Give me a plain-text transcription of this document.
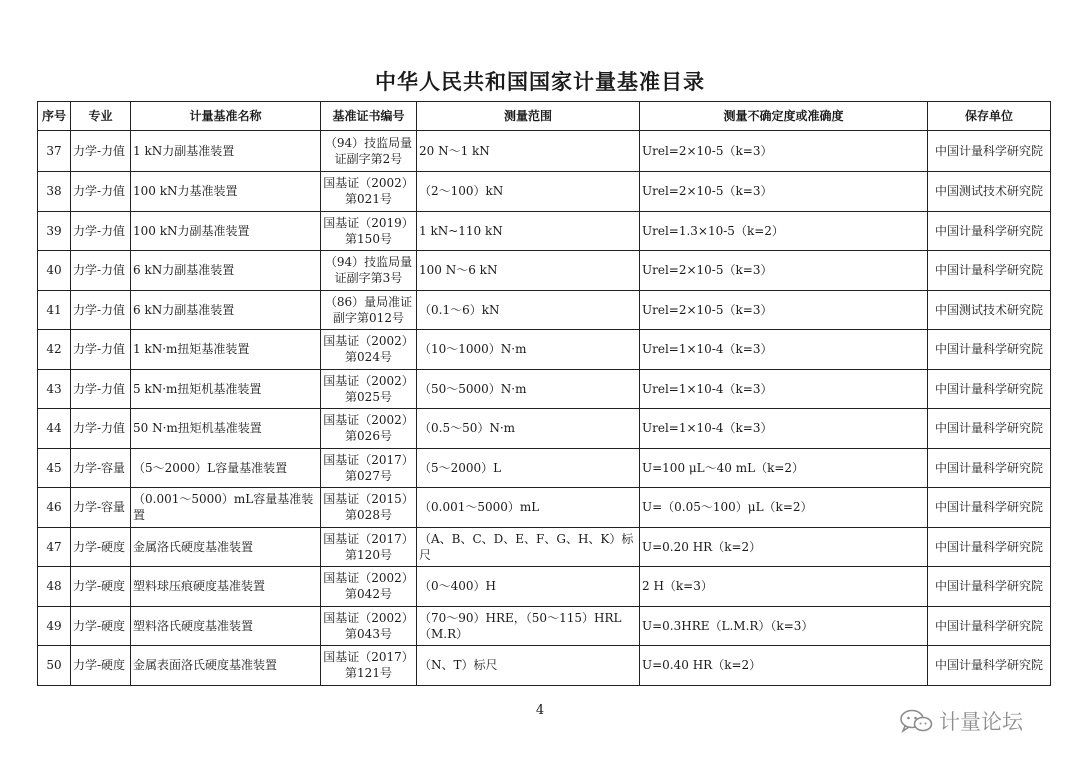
中华人民共和国国家计量基准目录
序号	专业	计量基准名称	基准证书编号	测量范围	测量不确定度或准确度	保存单位
37	力学-力值	1 kN力副基准装置	（94）技监局量证副字第2号	20 N～1 kN	Urel=2×10-5（k=3）	中国计量科学研究院
38	力学-力值	100 kN力基准装置	国基证（2002）第021号	（2～100）kN	Urel=2×10-5（k=3）	中国测试技术研究院
39	力学-力值	100 kN力副基准装置	国基证（2019）第150号	1 kN~110 kN	Urel=1.3×10-5（k=2）	中国计量科学研究院
40	力学-力值	6 kN力副基准装置	（94）技监局量证副字第3号	100 N～6 kN	Urel=2×10-5（k=3）	中国计量科学研究院
41	力学-力值	6 kN力副基准装置	（86）量局准证副字第012号	（0.1～6）kN	Urel=2×10-5（k=3）	中国测试技术研究院
42	力学-力值	1 kN·m扭矩基准装置	国基证（2002）第024号	（10～1000）N·m	Urel=1×10-4（k=3）	中国计量科学研究院
43	力学-力值	5 kN·m扭矩机基准装置	国基证（2002）第025号	（50～5000）N·m	Urel=1×10-4（k=3）	中国计量科学研究院
44	力学-力值	50 N·m扭矩机基准装置	国基证（2002）第026号	（0.5～50）N·m	Urel=1×10-4（k=3）	中国计量科学研究院
45	力学-容量	（5～2000）L容量基准装置	国基证（2017）第027号	（5～2000）L	U=100 μL～40 mL（k=2）	中国计量科学研究院
46	力学-容量	（0.001～5000）mL容量基准装置	国基证（2015）第028号	（0.001～5000）mL	U=（0.05～100）μL（k=2）	中国计量科学研究院
47	力学-硬度	金属洛氏硬度基准装置	国基证（2017）第120号	（A、B、C、D、E、F、G、H、K）标尺	U=0.20 HR（k=2）	中国计量科学研究院
48	力学-硬度	塑料球压痕硬度基准装置	国基证（2002）第042号	（0～400）H	2 H（k=3）	中国计量科学研究院
49	力学-硬度	塑料洛氏硬度基准装置	国基证（2002）第043号	（70～90）HRE，（50～115）HRL（M.R）	U=0.3HRE（L.M.R）（k=3）	中国计量科学研究院
50	力学-硬度	金属表面洛氏硬度基准装置	国基证（2017）第121号	（N、T）标尺	U=0.40 HR（k=2）	中国计量科学研究院
4	计量论坛
